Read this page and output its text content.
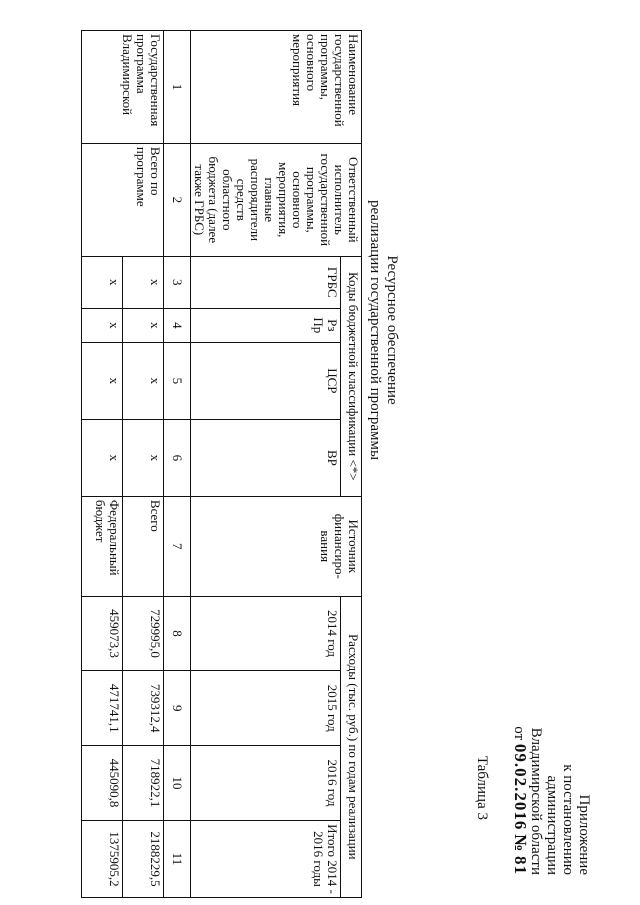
Приложение
к постановлению
администрации
Владимирской области
от 09.02.2016 № 81
Таблица 3
Ресурсное обеспечение
реализации государственной программы
Наименование государственной программы, основного мероприятия	Ответственный исполнитель государственной программы, основного мероприятия, главные распорядители средств областного бюджета (далее также ГРБС)	Коды бюджетной классификации <*>				Источник финансиро-вания	Расходы (тыс. руб.) по годам реализации			
		ГРБС	Рз Пр	ЦСР	ВР		2014 год	2015 год	2016 год	Итого 2014 - 2016 годы
1	2	3	4	5	6	7	8	9	10	11
Государственная программа Владимирской	Всего по программе	x	x	x	x	Всего	729995,0	739312,4	718922,1	2188229,5
		x	x	x	x	Федеральный бюджет	459073,3	471741,1	445090,8	1375905,2
